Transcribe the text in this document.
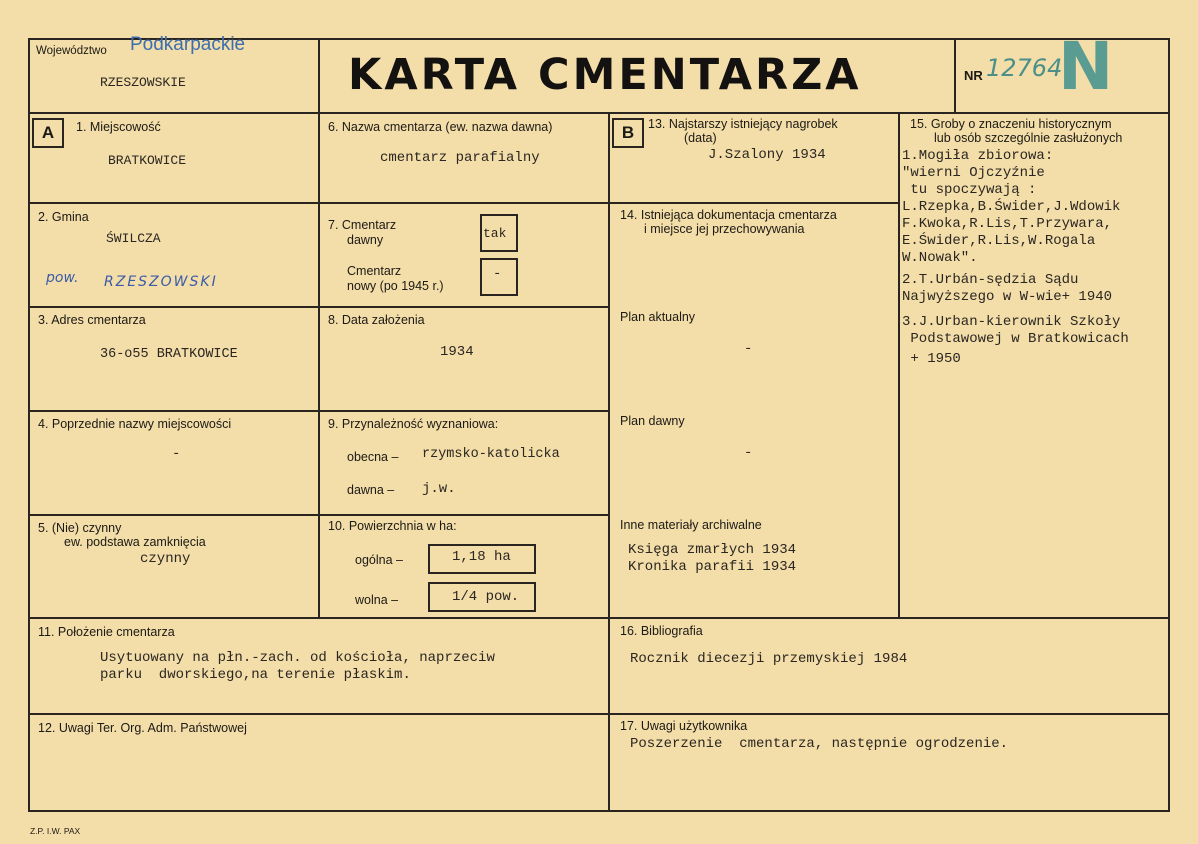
Województwo Podkarpackie
RZESZOWSKIE	KARTA CMENTARZA	NR 12764
N
A	B
1. Miejscowość
BRATKOWICE
2. Gmina
ŚWILCZA
pow. RZESZOWSKI
3. Adres cmentarza
36-o55 BRATKOWICE
4. Poprzednie nazwy miejscowości
-
5. (Nie) czynny
ew. podstawa zamknięcia
czynny
6. Nazwa cmentarza (ew. nazwa dawna)
cmentarz parafialny
7. Cmentarz
dawny	tak
Cmentarz
nowy (po 1945 r.)
-
8. Data założenia
1934
9. Przynależność wyznaniowa:
obecna – rzymsko-katolicka
dawna – j.w.
10. Powierzchnia w ha:
ogólna –	1,18 ha
wolna –	1/4 pow.
11. Położenie cmentarza
Usytuowany na płn.-zach. od kościoła, naprzeciw
parku  dworskiego,na terenie płaskim.
12. Uwagi Ter. Org. Adm. Państwowej
13. Najstarszy istniejący nagrobek
(data)
J.Szalony 1934
14. Istniejąca dokumentacja cmentarza
i miejsce jej przechowywania
Plan aktualny
-
Plan dawny
-
Inne materiały archiwalne
Księga zmarłych 1934
Kronika parafii 1934
15. Groby o znaczeniu historycznym
lub osób szczególnie zasłużonych
1.Mogiła zbiorowa:
"wierni Ojczyźnie
tu spoczywają :
L.Rzepka,B.Świder,J.Wdowik
F.Kwoka,R.Lis,T.Przywara,
E.Świder,R.Lis,W.Rogala
W.Nowak".
2.T.Urbán-sędzia Sądu
Najwyższego w W-wie+ 1940
3.J.Urban-kierownik Szkoły
Podstawowej w Bratkowicach
+ 1950
16. Bibliografia
Rocznik diecezji przemyskiej 1984
17. Uwagi użytkownika
Poszerzenie  cmentarza, następnie ogrodzenie.
Z.P. I.W. PAX
